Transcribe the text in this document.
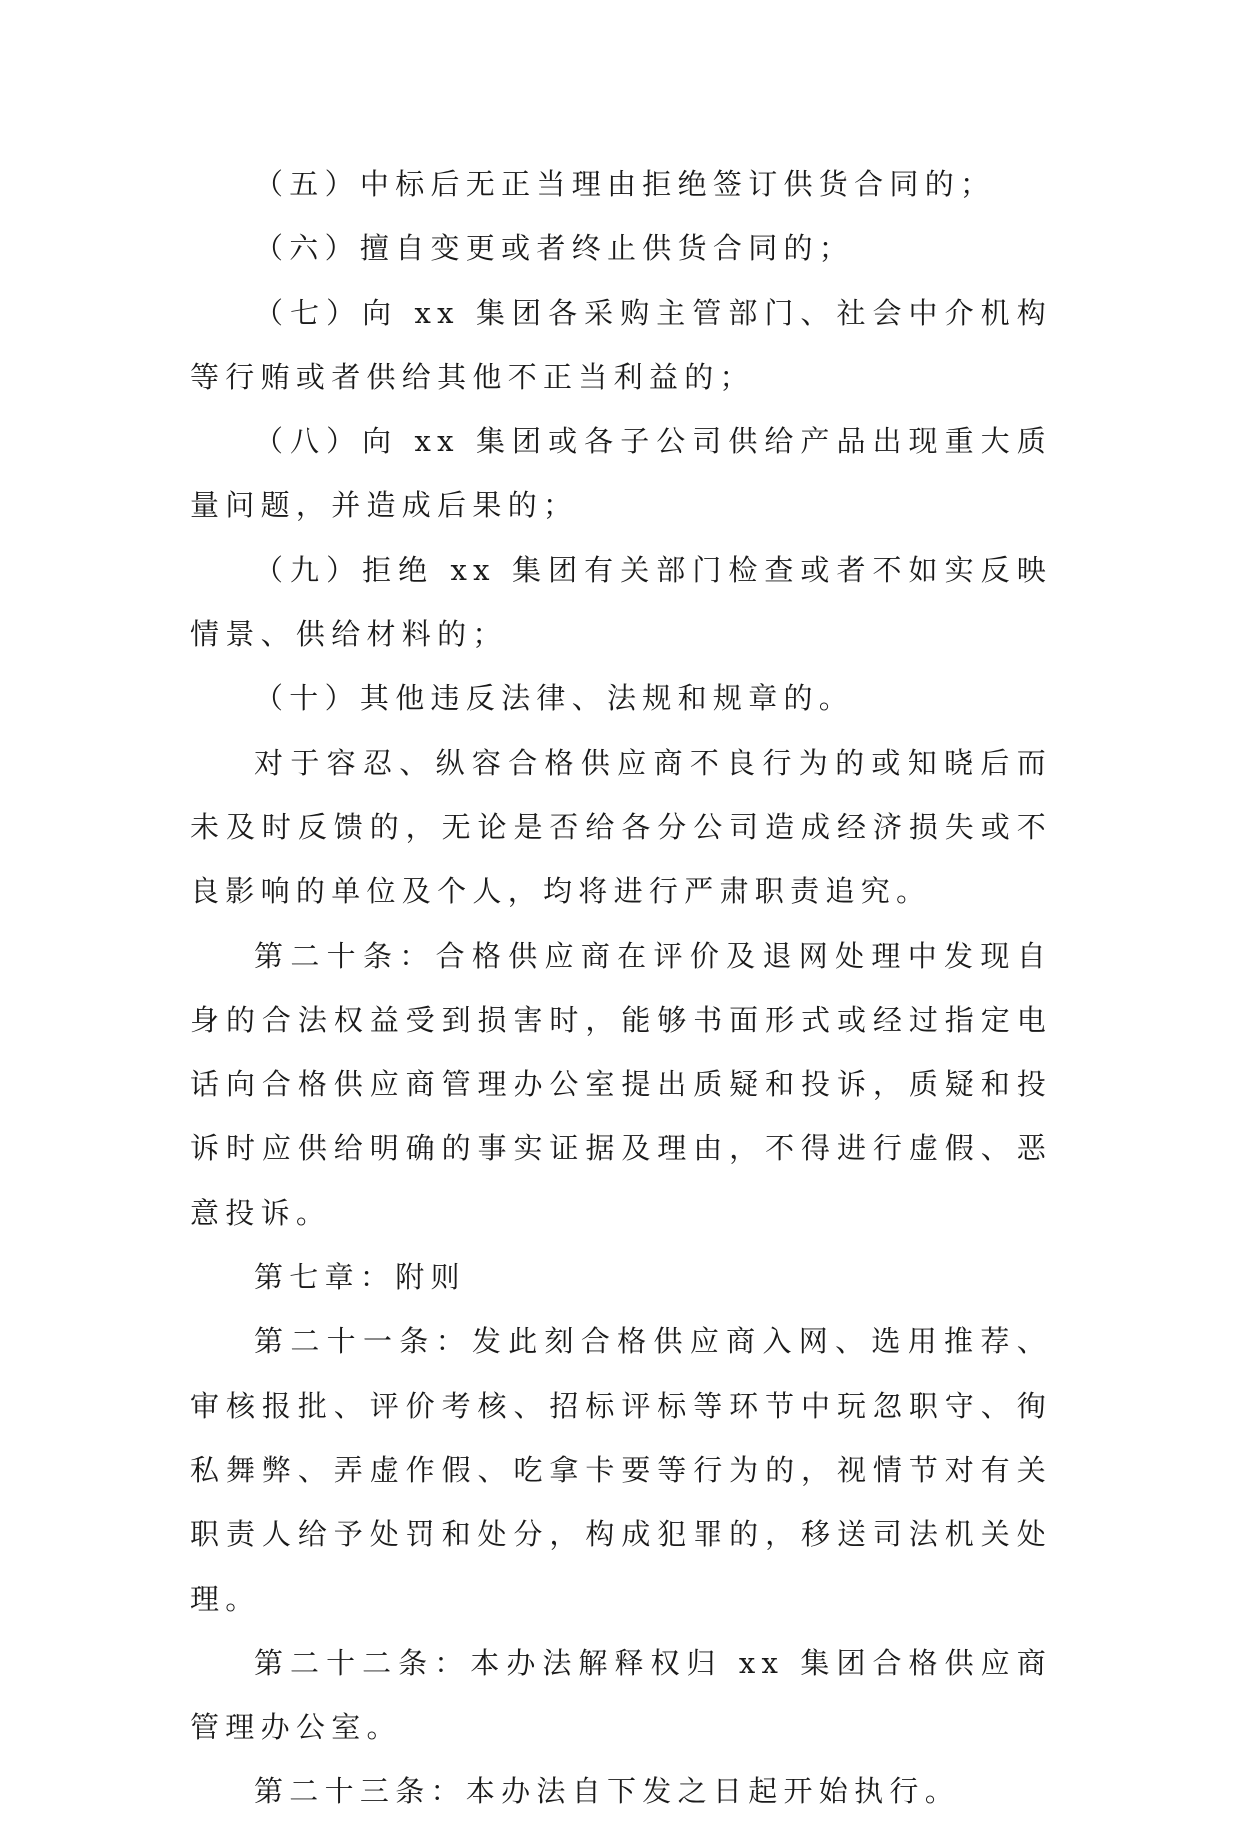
（五）中标后无正当理由拒绝签订供货合同的；

（六）擅自变更或者终止供货合同的；

（七）向 xx 集团各采购主管部门、社会中介机构等行贿或者供给其他不正当利益的；

（八）向 xx 集团或各子公司供给产品出现重大质量问题，并造成后果的；

（九）拒绝 xx 集团有关部门检查或者不如实反映情景、供给材料的；

（十）其他违反法律、法规和规章的。

对于容忍、纵容合格供应商不良行为的或知晓后而未及时反馈的，无论是否给各分公司造成经济损失或不良影响的单位及个人，均将进行严肃职责追究。

第二十条：合格供应商在评价及退网处理中发现自身的合法权益受到损害时，能够书面形式或经过指定电话向合格供应商管理办公室提出质疑和投诉，质疑和投诉时应供给明确的事实证据及理由，不得进行虚假、恶意投诉。

第七章：附则

第二十一条：发此刻合格供应商入网、选用推荐、审核报批、评价考核、招标评标等环节中玩忽职守、徇私舞弊、弄虚作假、吃拿卡要等行为的，视情节对有关职责人给予处罚和处分，构成犯罪的，移送司法机关处理。

第二十二条：本办法解释权归 xx 集团合格供应商管理办公室。

第二十三条：本办法自下发之日起开始执行。
